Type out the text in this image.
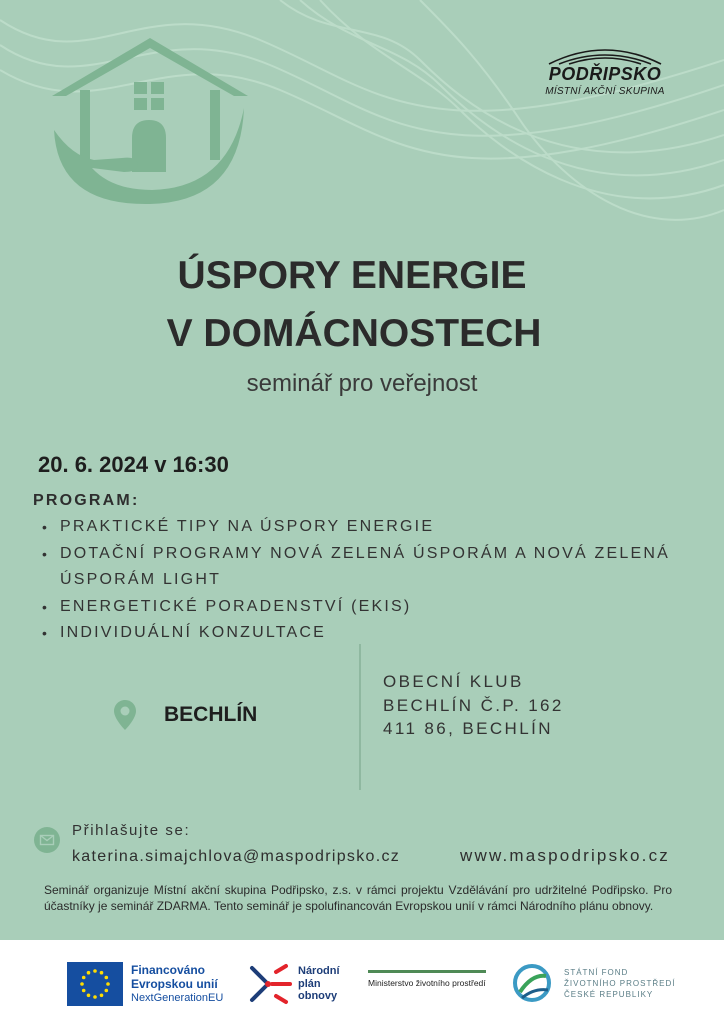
PODŘIPSKO
MÍSTNÍ AKČNÍ SKUPINA
ÚSPORY ENERGIE
V DOMÁCNOSTECH
seminář pro veřejnost
20. 6. 2024 v 16:30
PROGRAM:
• PRAKTICKÉ TIPY NA ÚSPORY ENERGIE
• DOTAČNÍ PROGRAMY NOVÁ ZELENÁ ÚSPORÁM A NOVÁ ZELENÁ ÚSPORÁM LIGHT
• ENERGETICKÉ PORADENSTVÍ (EKIS)
• INDIVIDUÁLNÍ KONZULTACE
BECHLÍN
OBECNÍ KLUB
BECHLÍN Č.P. 162
411 86, BECHLÍN
Přihlašujte se:
katerina.simajchlova@maspodripsko.cz	www.maspodripsko.cz
Seminář organizuje Místní akční skupina Podřipsko, z.s. v rámci projektu Vzdělávání pro udržitelné Podřipsko. Pro účastníky je seminář ZDARMA. Tento seminář je spolufinancován Evropskou unií v rámci Národního plánu obnovy.
Financováno
Evropskou unií
NextGenerationEU
Národní
plán
obnovy
Ministerstvo životního prostředí
STÁTNÍ FOND
ŽIVOTNÍHO PROSTŘEDÍ
ČESKÉ REPUBLIKY
